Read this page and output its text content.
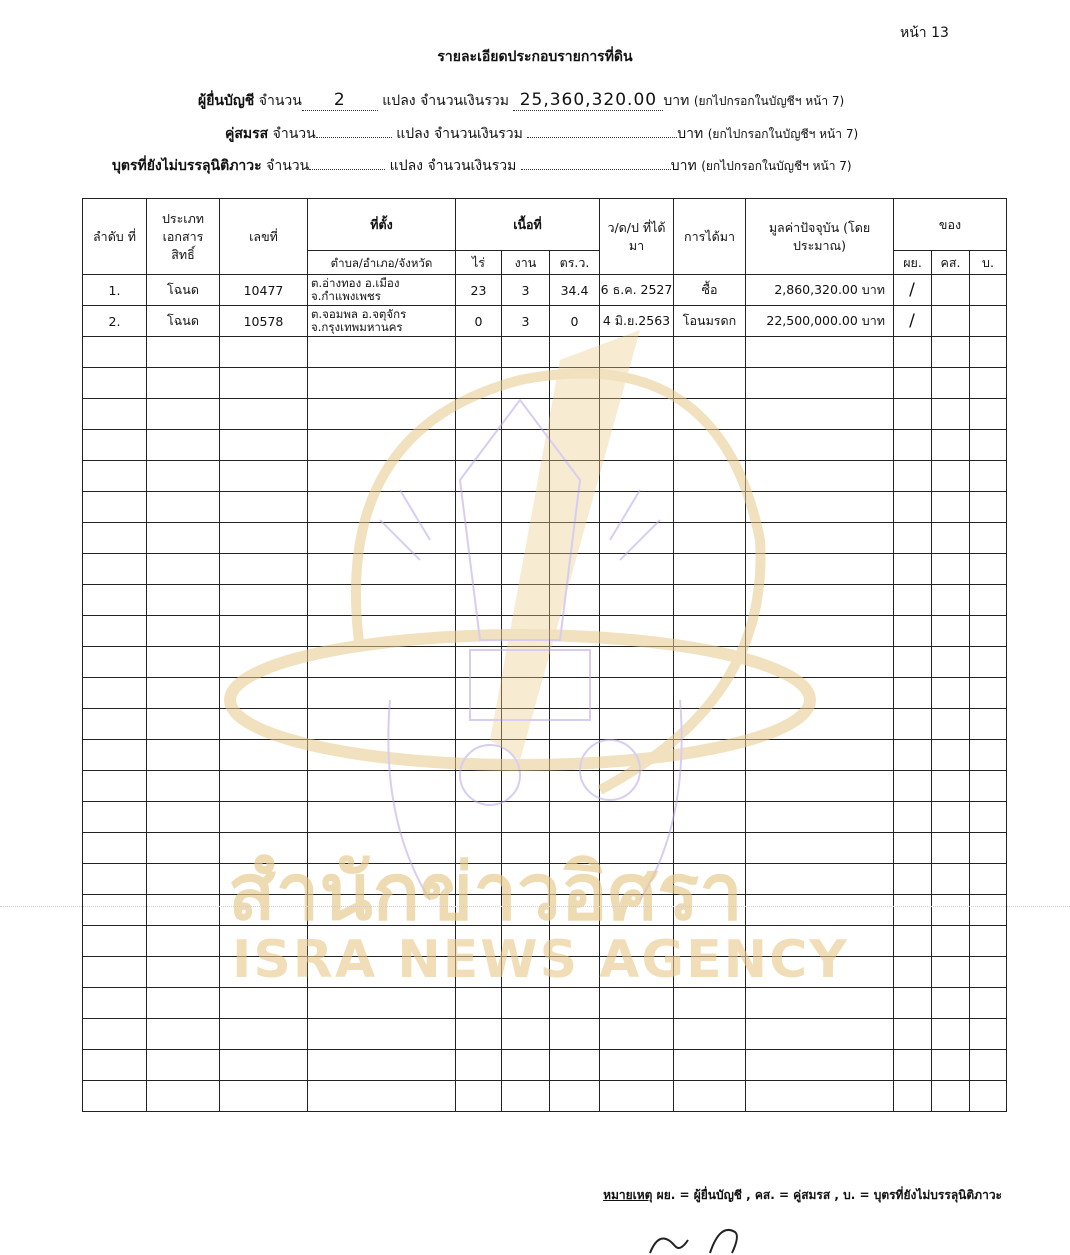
หน้า 13
รายละเอียดประกอบรายการที่ดิน
ผู้ยื่นบัญชี จำนวน 2	แปลง จำนวนเงินรวม 25,360,320.00 บาท (ยกไปกรอกในบัญชีฯ หน้า 7)
คู่สมรส จำนวน	แปลง จำนวนเงินรวม	บาท (ยกไปกรอกในบัญชีฯ หน้า 7)
บุตรที่ยังไม่บรรลุนิติภาวะ จำนวน	แปลง จำนวนเงินรวม	บาท (ยกไปกรอกในบัญชีฯ หน้า 7)
ลำดับ ที่	ประเภท เอกสาร สิทธิ์	เลขที่	ที่ตั้ง	เนื้อที่			ว/ด/ป ที่ได้มา	การได้มา	มูลค่าปัจจุบัน (โดยประมาณ)	ของ		
			ตำบล/อำเภอ/จังหวัด	ไร่	งาน	ตร.ว.				ผย.	คส.	บ.
1.	โฉนด	10477	ต.อ่างทอง อ.เมือง
จ.กำแพงเพชร	23	3	34.4	6 ธ.ค. 2527	ซื้อ	2,860,320.00 บาท	/		
2.	โฉนด	10578	ต.จอมพล อ.จตุจักร
จ.กรุงเทพมหานคร	0	3	0	4 มิ.ย.2563	โอนมรดก	22,500,000.00 บาท	/		

สำนักข่าวอิศรา
ISRA NEWS AGENCY
หมายเหตุ ผย. = ผู้ยื่นบัญชี , คส. = คู่สมรส , บ. = บุตรที่ยังไม่บรรลุนิติภาวะ
